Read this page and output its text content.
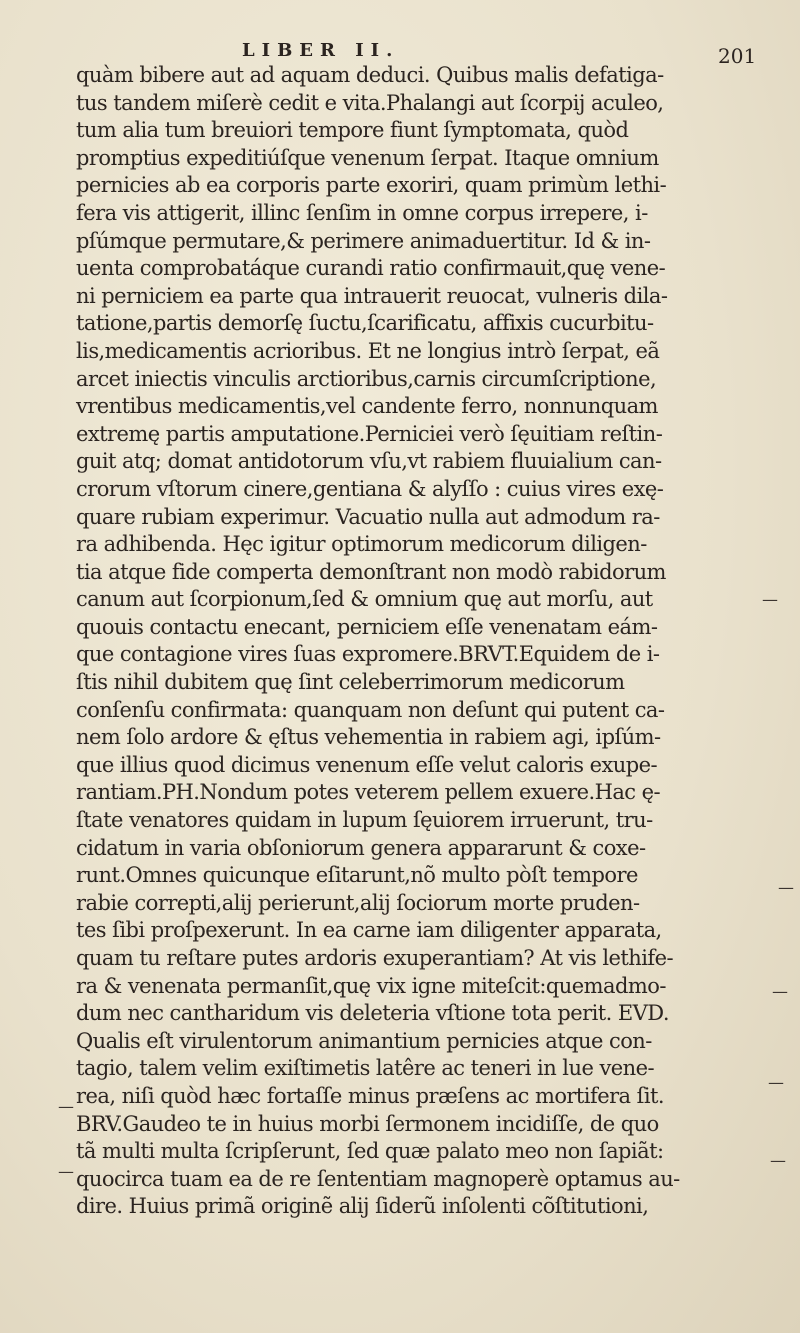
LIBER II.	201
quàm bibere aut ad aquam deduci. Quibus malis defatiga-
tus tandem miſerè cedit e vita.Phalangi aut ſcorpij aculeo,
tum alia tum breuiori tempore fiunt ſymptomata, quòd
promptius expeditiúſque venenum ſerpat. Itaque omnium
pernicies ab ea corporis parte exoriri, quam primùm lethi-
fera vis attigerit, illinc ſenſim in omne corpus irrepere, i-
pſúmque permutare,& perimere animaduertitur. Id & in-
uenta comprobatáque curandi ratio confirmauit,quę vene-
ni perniciem ea parte qua intrauerit reuocat, vulneris dila-
tatione,partis demorſę ſuctu,ſcarificatu, affixis cucurbitu-
lis,medicamentis acrioribus. Et ne longius intrò ſerpat, eã
arcet iniectis vinculis arctioribus,carnis circumſcriptione,
vrentibus medicamentis,vel candente ferro, nonnunquam
extremę partis amputatione.Perniciei verò ſęuitiam reſtin-
guit atq; domat antidotorum vſu,vt rabiem fluuialium can-
crorum vſtorum cinere,gentiana & alyſſo : cuius vires exę-
quare rubiam experimur. Vacuatio nulla aut admodum ra-
ra adhibenda. Hęc igitur optimorum medicorum diligen-
tia atque fide comperta demonſtrant non modò rabidorum
canum aut ſcorpionum,ſed & omnium quę aut morſu, aut
quouis contactu enecant, perniciem eſſe venenatam eám-
que contagione vires ſuas expromere.BRVT.Equidem de i-
ſtis nihil dubitem quę ſint celeberrimorum medicorum
conſenſu confirmata: quanquam non deſunt qui putent ca-
nem ſolo ardore & ęſtus vehementia in rabiem agi, ipſúm-
que illius quod dicimus venenum eſſe velut caloris exupe-
rantiam.PH.Nondum potes veterem pellem exuere.Hac ę-
ſtate venatores quidam in lupum ſęuiorem irruerunt, tru-
cidatum in varia obſoniorum genera appararunt & coxe-
runt.Omnes quicunque eſitarunt,nõ multo pòſt tempore
rabie correpti,alij perierunt,alij ſociorum morte pruden-
tes ſibi proſpexerunt. In ea carne iam diligenter apparata,
quam tu reſtare putes ardoris exuperantiam? At vis lethife-
ra & venenata permanſit,quę vix igne miteſcit:quemadmo-
dum nec cantharidum vis deleteria vſtione tota perit. EVD.
Qualis eſt virulentorum animantium pernicies atque con-
tagio, talem velim exiſtimetis latêre ac teneri in lue vene-
rea, niſi quòd hæc fortaſſe minus præſens ac mortifera ſit.
BRV.Gaudeo te in huius morbi ſermonem incidiſſe, de quo
tã multi multa ſcripſerunt, ſed quæ palato meo non ſapiãt:
quocirca tuam ea de re ſententiam magnoperè optamus au-
dire. Huius primã originẽ alij ſiderũ inſolenti cõſtitutioni,
—
—
—
—
—
—
—
